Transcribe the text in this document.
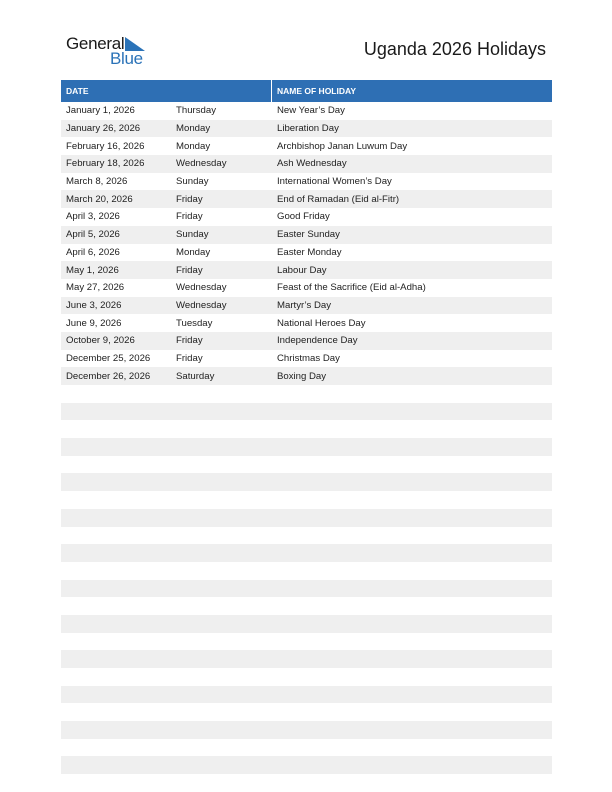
General
Blue	Uganda 2026 Holidays
DATE	NAME OF HOLIDAY
January 1, 2026	Thursday	New Year’s Day
January 26, 2026	Monday	Liberation Day
February 16, 2026	Monday	Archbishop Janan Luwum Day
February 18, 2026	Wednesday	Ash Wednesday
March 8, 2026	Sunday	International Women’s Day
March 20, 2026	Friday	End of Ramadan (Eid al-Fitr)
April 3, 2026	Friday	Good Friday
April 5, 2026	Sunday	Easter Sunday
April 6, 2026	Monday	Easter Monday
May 1, 2026	Friday	Labour Day
May 27, 2026	Wednesday	Feast of the Sacrifice (Eid al-Adha)
June 3, 2026	Wednesday	Martyr’s Day
June 9, 2026	Tuesday	National Heroes Day
October 9, 2026	Friday	Independence Day
December 25, 2026	Friday	Christmas Day
December 26, 2026	Saturday	Boxing Day
